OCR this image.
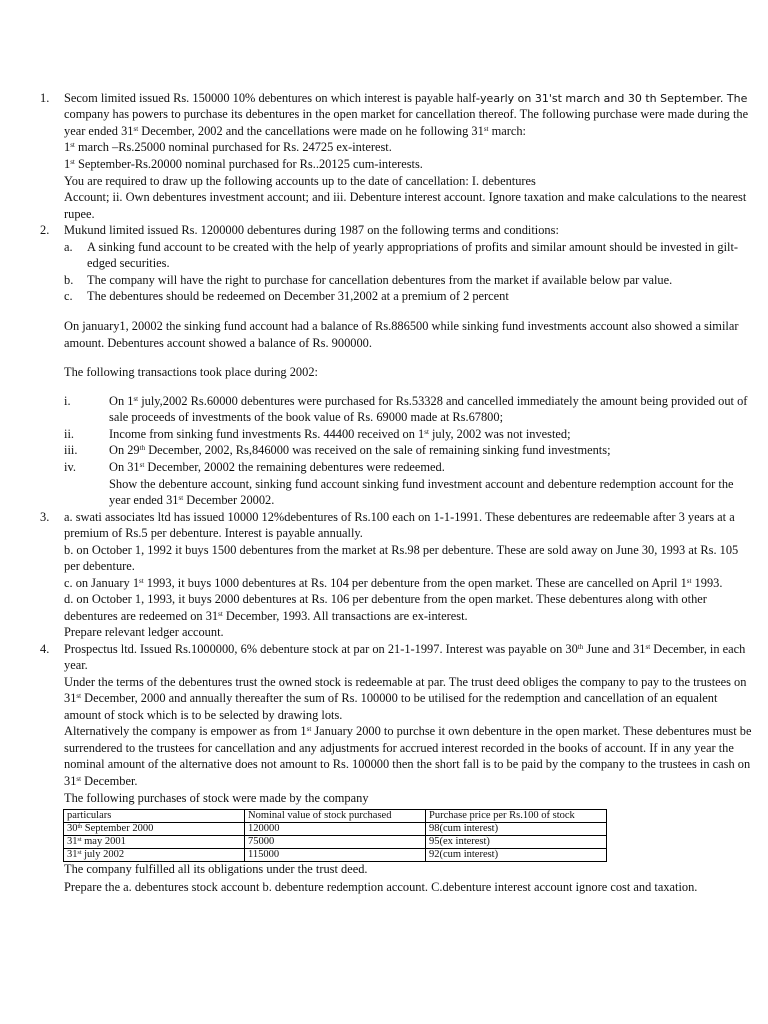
1. Secom limited issued Rs. 150000 10% debentures on which interest is payable half-yearly on 31'st march and 30 th September. The
company has powers to purchase its debentures in the open market for cancellation thereof. The following purchase were made during the
year ended 31st December, 2002 and the cancellations were made on he following 31st march:
1st march –Rs.25000 nominal purchased for Rs. 24725 ex-interest.
1st September-Rs.20000 nominal purchased for Rs..20125 cum-interests.
You are required to draw up the following accounts up to the date of cancellation: I. debentures
Account; ii. Own debentures investment account; and iii. Debenture interest account. Ignore taxation and make calculations to the nearest
rupee.
2. Mukund limited issued Rs. 1200000 debentures during 1987 on the following terms and conditions:
a. A sinking fund account to be created with the help of yearly appropriations of profits and similar amount should be invested in gilt-
edged securities.
b. The company will have the right to purchase for cancellation debentures from the market if available below par value.
c. The debentures should be redeemed on December 31,2002 at a premium of 2 percent
On january1, 20002 the sinking fund account had a balance of Rs.886500 while sinking fund investments account also showed a similar
amount. Debentures account showed a balance of Rs. 900000.
The following transactions took place during 2002:
i.	On 1st july,2002 Rs.60000 debentures were purchased for Rs.53328 and cancelled immediately the amount being provided out of
sale proceeds of investments of the book value of Rs. 69000 made at Rs.67800;
ii.	Income from sinking fund investments Rs. 44400 received on 1st july, 2002 was not invested;
iii.	On 29th December, 2002, Rs,846000 was received on the sale of remaining sinking fund investments;
iv.	On 31st December, 20002 the remaining debentures were redeemed.
Show the debenture account, sinking fund account sinking fund investment account and debenture redemption account for the
year ended 31st December 20002.
3. a. swati associates ltd has issued 10000 12%debentures of Rs.100 each on 1-1-1991. These debentures are redeemable after 3 years at a
premium of Rs.5 per debenture. Interest is payable annually.
b. on October 1, 1992 it buys 1500 debentures from the market at Rs.98 per debenture. These are sold away on June 30, 1993 at Rs. 105
per debenture.
c. on January 1st 1993, it buys 1000 debentures at Rs. 104 per debenture from the open market. These are cancelled on April 1st 1993.
d. on October 1, 1993, it buys 2000 debentures at Rs. 106 per debenture from the open market. These debentures along with other
debentures are redeemed on 31st December, 1993. All transactions are ex-interest.
Prepare relevant ledger account.
4. Prospectus ltd. Issued Rs.1000000, 6% debenture stock at par on 21-1-1997. Interest was payable on 30th June and 31st December, in each
year.
Under the terms of the debentures trust the owned stock is redeemable at par. The trust deed obliges the company to pay to the trustees on
31st December, 2000 and annually thereafter the sum of Rs. 100000 to be utilised for the redemption and cancellation of an equalent
amount of stock which is to be selected by drawing lots.
Alternatively the company is empower as from 1st January 2000 to purchse it own debenture in the open market. These debentures must be
surrendered to the trustees for cancellation and any adjustments for accrued interest recorded in the books of account. If in any year the
nominal amount of the alternative does not amount to Rs. 100000 then the short fall is to be paid by the company to the trustees in cash on
31st December.
The following purchases of stock were made by the company
particulars	Nominal value of stock purchased	Purchase price per Rs.100 of stock
30th September 2000	120000	98(cum interest)
31st may 2001	75000	95(ex interest)
31st july 2002	115000	92(cum interest)
The company fulfilled all its obligations under the trust deed.
Prepare the a. debentures stock account b. debenture redemption account. C.debenture interest account ignore cost and taxation.
